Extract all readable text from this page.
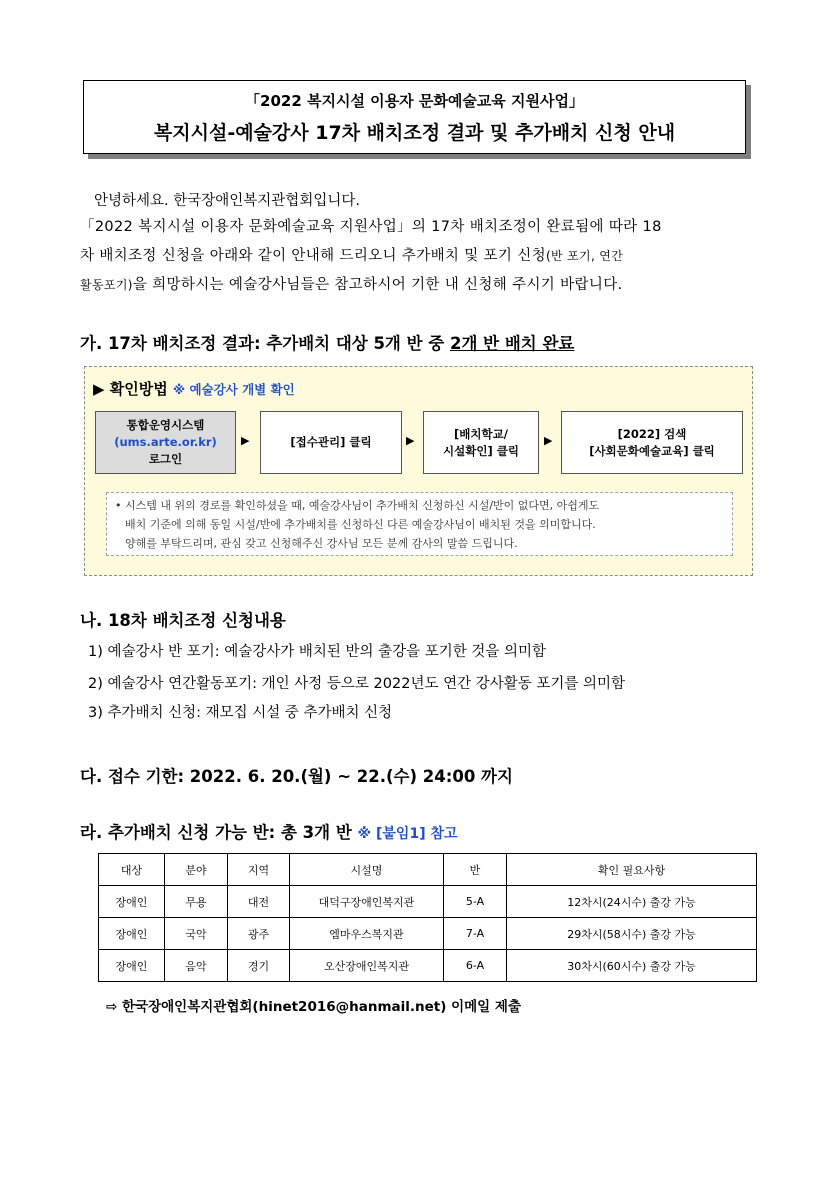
「2022 복지시설 이용자 문화예술교육 지원사업」
복지시설-예술강사 17차 배치조정 결과 및 추가배치 신청 안내
안녕하세요. 한국장애인복지관협회입니다.
「2022 복지시설 이용자 문화예술교육 지원사업」의 17차 배치조정이 완료됨에 따라 18
차 배치조정 신청을 아래와 같이 안내해 드리오니 추가배치 및 포기 신청(반 포기, 연간
활동포기)을 희망하시는 예술강사님들은 참고하시어 기한 내 신청해 주시기 바랍니다.
가. 17차 배치조정 결과: 추가배치 대상 5개 반 중 2개 반 배치 완료
▶ 확인방법 ※ 예술강사 개별 확인
통합운영시스템
(ums.arte.or.kr)
로그인
▶	[접수관리] 클릭	▶	[배치학교/
시설확인] 클릭
▶	[2022] 검색
[사회문화예술교육] 클릭
• 시스템 내 위의 경로를 확인하셨을 때, 예술강사님이 추가배치 신청하신 시설/반이 없다면, 아쉽게도
배치 기준에 의해 동일 시설/반에 추가배치를 신청하신 다른 예술강사님이 배치된 것을 의미합니다.
양해를 부탁드리며, 관심 갖고 신청해주신 강사님 모든 분께 감사의 말씀 드립니다.
나. 18차 배치조정 신청내용
1) 예술강사 반 포기: 예술강사가 배치된 반의 출강을 포기한 것을 의미함
2) 예술강사 연간활동포기: 개인 사정 등으로 2022년도 연간 강사활동 포기를 의미함
3) 추가배치 신청: 재모집 시설 중 추가배치 신청
다. 접수 기한: 2022. 6. 20.(월) ~ 22.(수) 24:00 까지
라. 추가배치 신청 가능 반: 총 3개 반 ※ [붙임1] 참고
대상	분야	지역	시설명	반	확인 필요사항
장애인	무용	대전	대덕구장애인복지관	5-A	12차시(24시수) 출강 가능
장애인	국악	광주	엠마우스복지관	7-A	29차시(58시수) 출강 가능
장애인	음악	경기	오산장애인복지관	6-A	30차시(60시수) 출강 가능
⇨ 한국장애인복지관협회(hinet2016@hanmail.net) 이메일 제출
